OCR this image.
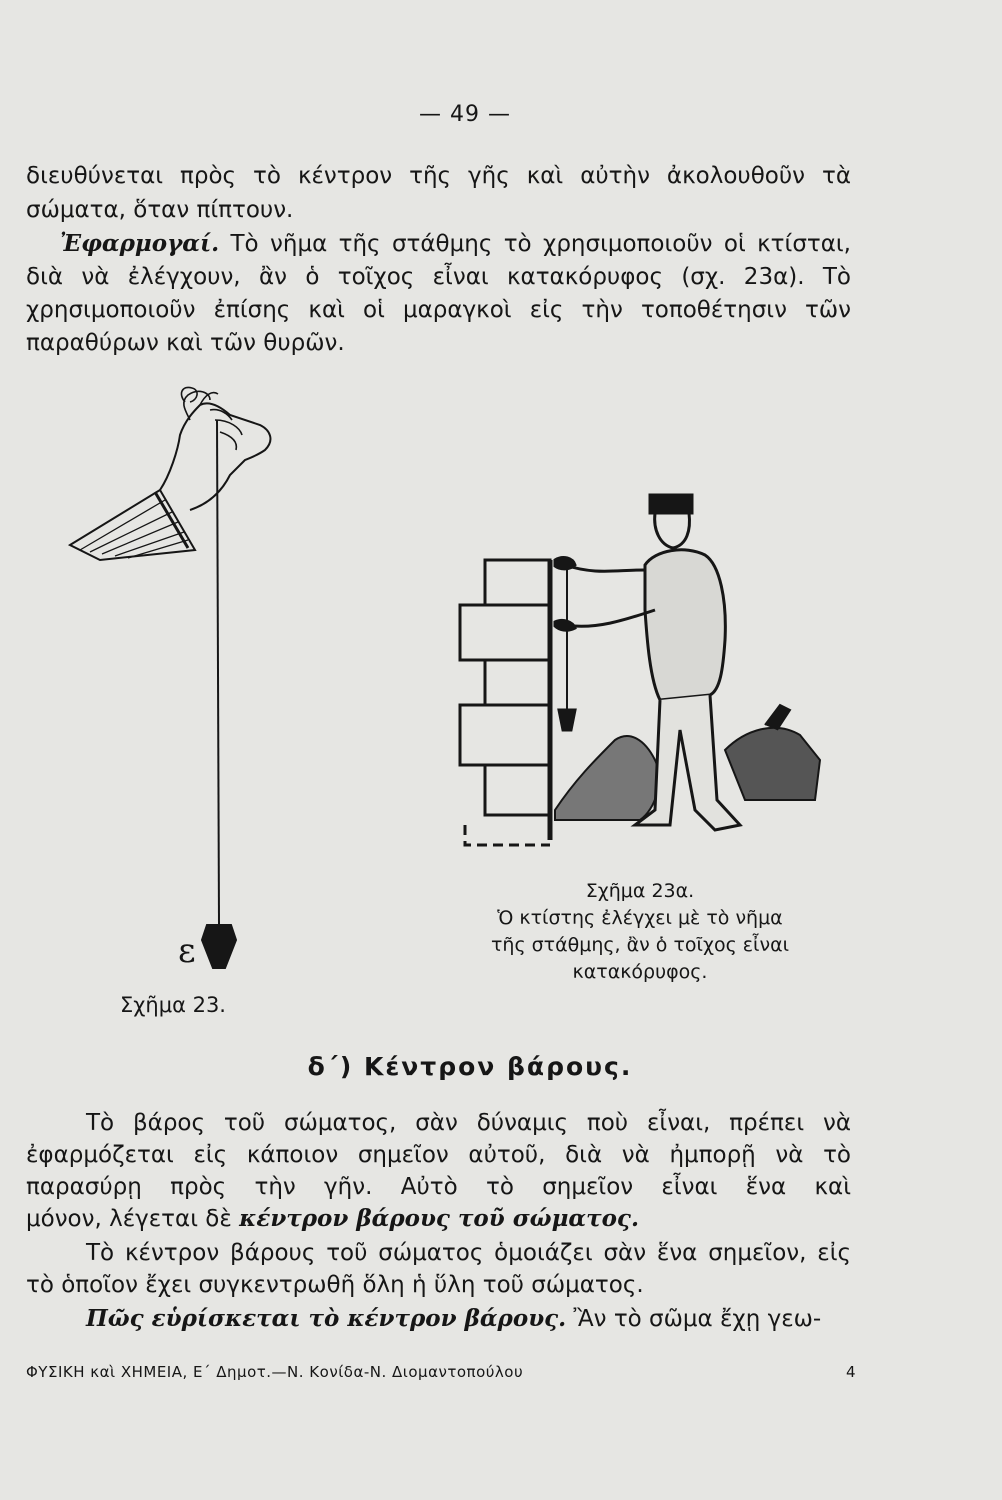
— 49 —

διευθύνεται πρὸς τὸ κέντρον τῆς γῆς καὶ αὐτὴν ἀκολουθοῦν τὰ

σώματα, ὅταν πίπτουν.

Ἐφαρμογαί. Τὸ νῆμα τῆς στάθμης τὸ χρησιμοποιοῦν οἱ κτίσται, διὰ νὰ ἐλέγχουν, ἂν ὁ τοῖχος εἶναι κατακόρυφος (σχ. 23α). Τὸ χρησιμοποιοῦν ἐπίσης καὶ οἱ μαραγκοὶ εἰς τὴν τοποθέτησιν τῶν παραθύρων καὶ τῶν θυρῶν.

ε
Σχῆμα 23.
Σχῆμα 23α.
Ὁ κτίστης ἐλέγχει μὲ τὸ νῆμα
τῆς στάθμης, ἂν ὁ τοῖχος εἶναι
κατακόρυφος.
δ΄) Κέντρον βάρους.

Τὸ βάρος τοῦ σώματος, σὰν δύναμις ποὺ εἶναι, πρέπει νὰ ἐφαρμόζεται εἰς κάποιον σημεῖον αὐτοῦ, διὰ νὰ ἠμπορῇ νὰ τὸ παρασύρῃ πρὸς τὴν γῆν. Αὐτὸ τὸ σημεῖον εἶναι ἕνα καὶ

μόνον, λέγεται δὲ κέντρον βάρους τοῦ σώματος.

Τὸ κέντρον βάρους τοῦ σώματος ὁμοιάζει σὰν ἕνα σημεῖον, εἰς τὸ ὁποῖον ἔχει συγκεντρωθῆ ὅλη ἡ ὕλη τοῦ σώματος.

Πῶς εὑρίσκεται τὸ κέντρον βάρους. Ἂν τὸ σῶμα ἔχῃ γεω-

ΦΥΣΙΚΗ καὶ ΧΗΜΕΙΑ, Ε΄ Δημοτ.—Ν. Κονίδα-Ν. Διομαντοπούλου	4
